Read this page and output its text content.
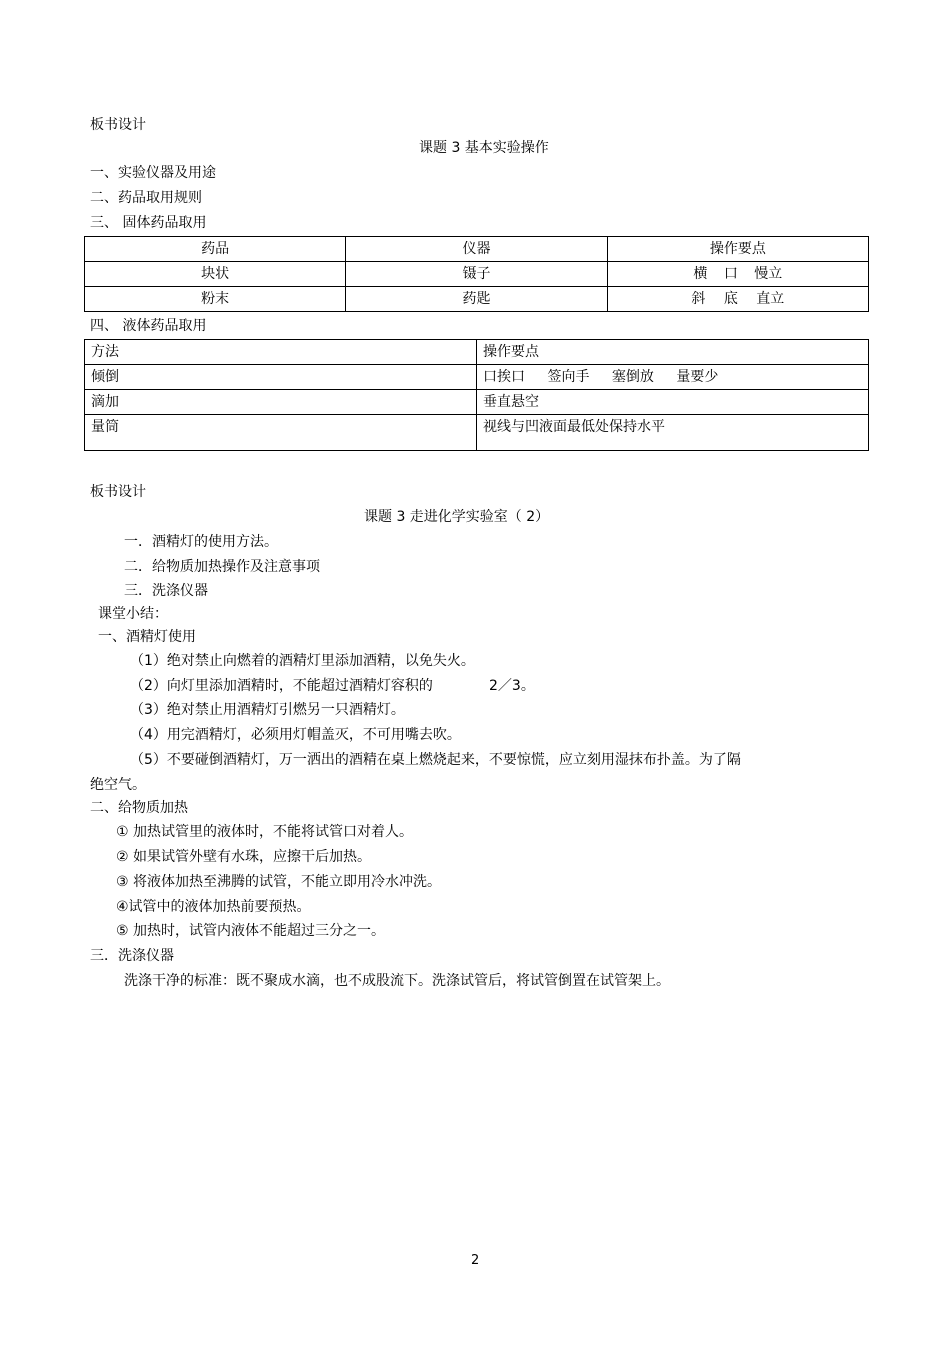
板书设计
课题 3 基本实验操作
一、实验仪器及用途
二、药品取用规则
三、 固体药品取用
药品	仪器	操作要点
块状	镊子	横 口 慢立
粉末	药匙	斜 底 直立
四、 液体药品取用
方法	操作要点
倾倒	口挨口 签向手 塞倒放 量要少
滴加	垂直悬空
量筒	视线与凹液面最低处保持水平
板书设计
课题 3 走进化学实验室（ 2）
一．酒精灯的使用方法。
二．给物质加热操作及注意事项
三．洗涤仪器
课堂小结：
一、酒精灯使用
（1）绝对禁止向燃着的酒精灯里添加酒精，以免失火。
（2）向灯里添加酒精时，不能超过酒精灯容积的	2／3。
（3）绝对禁止用酒精灯引燃另一只酒精灯。
（4）用完酒精灯，必须用灯帽盖灭，不可用嘴去吹。
（5）不要碰倒酒精灯，万一洒出的酒精在桌上燃烧起来，不要惊慌，应立刻用湿抹布扑盖。为了隔
绝空气。
二、给物质加热
① 加热试管里的液体时，不能将试管口对着人。
② 如果试管外壁有水珠，应擦干后加热。
③ 将液体加热至沸腾的试管，不能立即用冷水冲洗。
④试管中的液体加热前要预热。
⑤ 加热时，试管内液体不能超过三分之一。
三．洗涤仪器
洗涤干净的标准：既不聚成水滴，也不成股流下。洗涤试管后，将试管倒置在试管架上。
2
